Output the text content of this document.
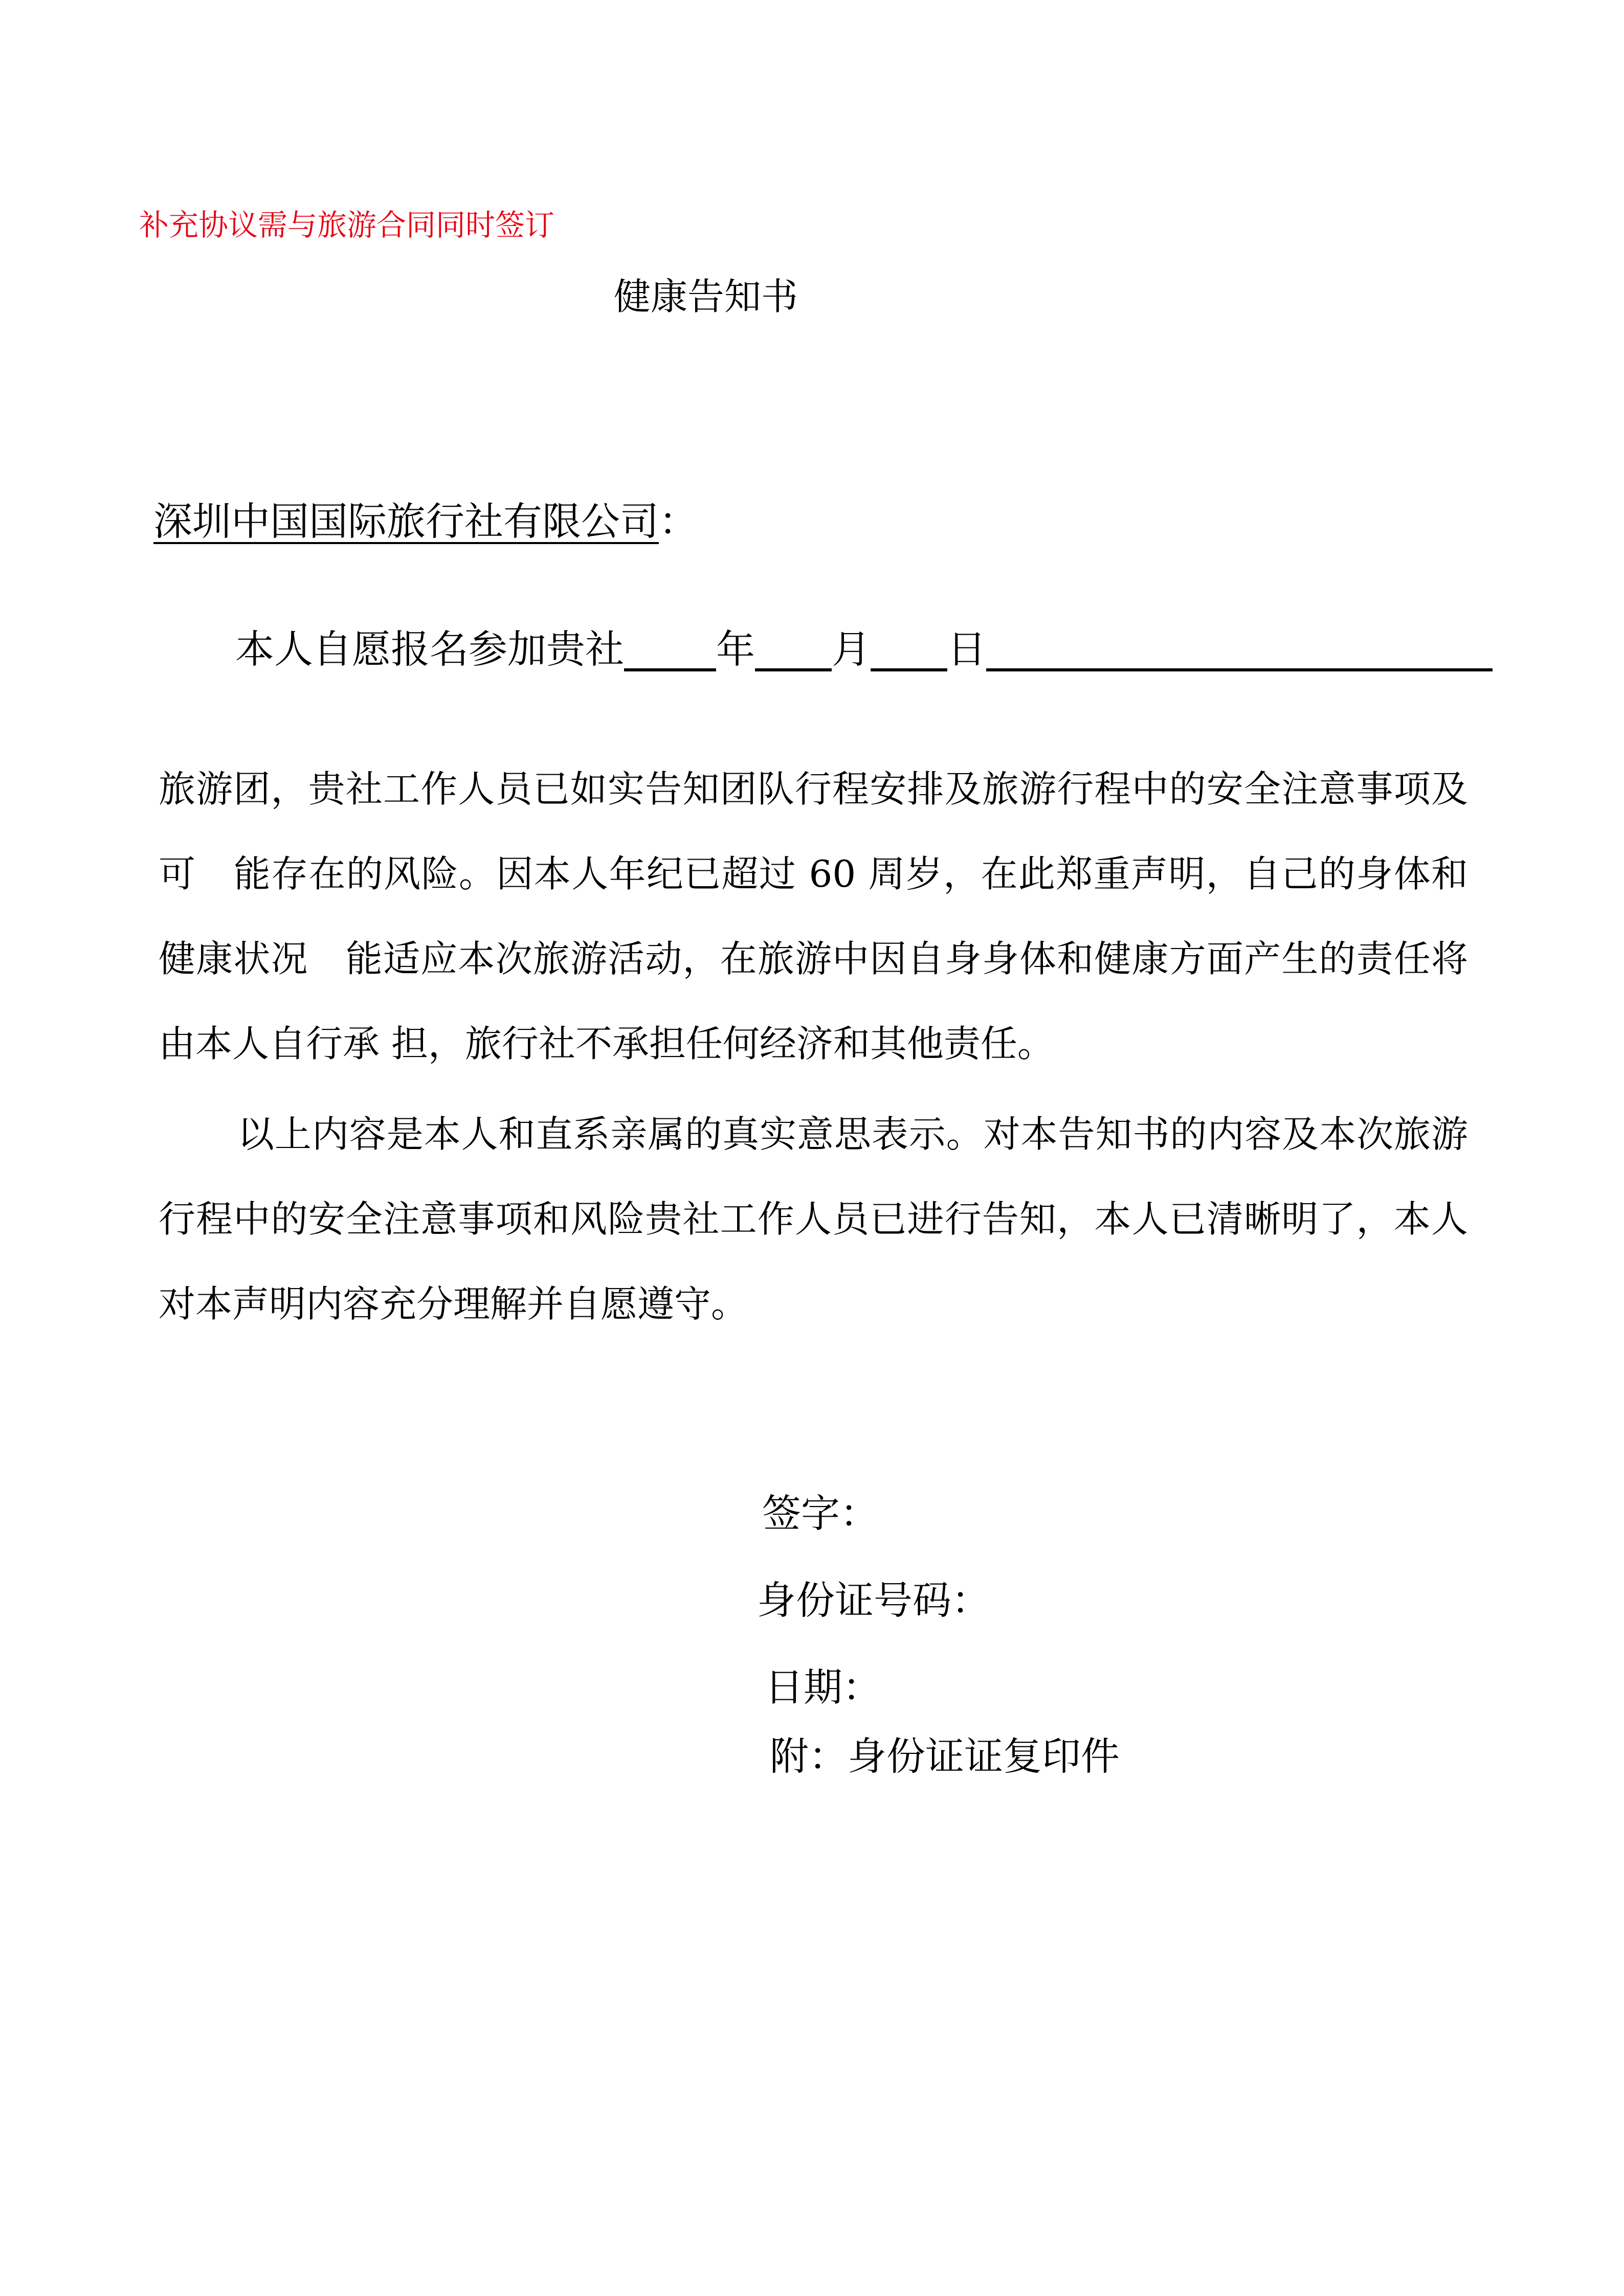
补充协议需与旅游合同同时签订
健康告知书
深圳中国国际旅行社有限公司：
本人自愿报名参加贵社 年 月 日
旅游团，贵社工作人员已如实告知团队行程安排及旅游行程中的安全注意事项及可　能存在的风险。因本人年纪已超过 60 周岁，在此郑重声明，自己的身体和健康状况　能适应本次旅游活动，在旅游中因自身身体和健康方面产生的责任将由本人自行承 担，旅行社不承担任何经济和其他责任。
以上内容是本人和直系亲属的真实意思表示。对本告知书的内容及本次旅游行程中的安全注意事项和风险贵社工作人员已进行告知，本人已清晰明了，本人对本声明内容充分理解并自愿遵守。
签字：
身份证号码：
日期：
附：身份证证复印件
